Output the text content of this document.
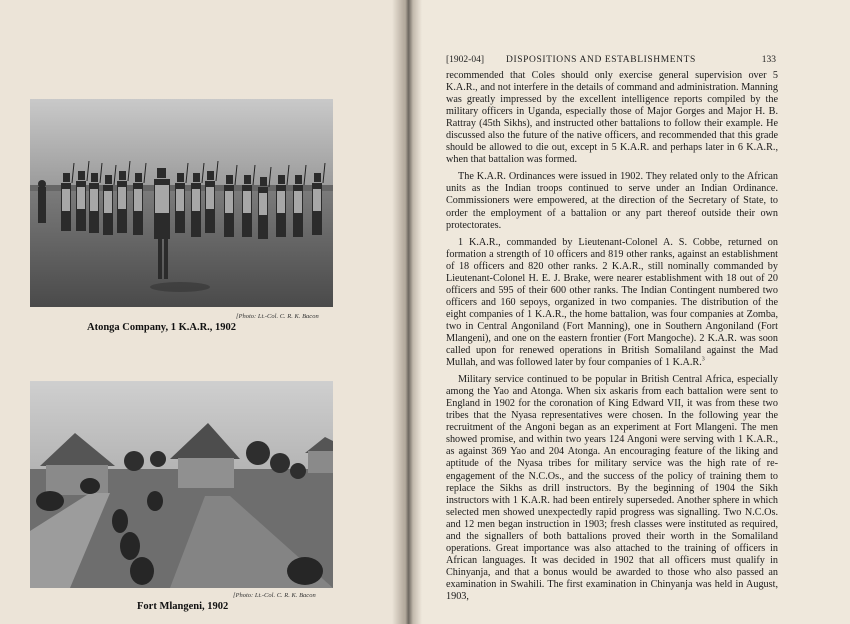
[Photo: Lt.-Col. C. R. K. Bacon
Atonga Company, 1 K.A.R., 1902
[Photo: Lt.-Col. C. R. K. Bacon
Fort Mlangeni, 1902
[1902-04] DISPOSITIONS AND ESTABLISHMENTS	133

recommended that Coles should only exercise general supervision over 5 K.A.R., and not interfere in the details of command and administration. Manning was greatly impressed by the excellent intelligence reports compiled by the military officers in Uganda, especially those of Major Gorges and Major H. B. Rattray (45th Sikhs), and instructed other battalions to follow their example. He discussed also the future of the native officers, and recommended that this grade should be allowed to die out, except in 5 K.A.R. and perhaps later in 6 K.A.R., when that battalion was formed.

The K.A.R. Ordinances were issued in 1902. They related only to the African units as the Indian troops continued to serve under an Indian Ordinance. Commissioners were empowered, at the direction of the Secretary of State, to order the employment of a battalion or any part thereof outside their own protectorates.

1 K.A.R., commanded by Lieutenant-Colonel A. S. Cobbe, returned on formation a strength of 10 officers and 819 other ranks, against an establishment of 18 officers and 820 other ranks. 2 K.A.R., still nominally commanded by Lieutenant-Colonel H. E. J. Brake, were nearer establishment with 18 out of 20 officers and 595 of their 600 other ranks. The Indian Contingent numbered two officers and 160 sepoys, organized in two companies. The distribution of the eight companies of 1 K.A.R., the home battalion, was four companies at Zomba, two in Central Angoniland (Fort Manning), one in Southern Angoniland (Fort Mlangeni), and one on the eastern frontier (Fort Mangoche). 2 K.A.R. was soon called upon for renewed operations in British Somaliland against the Mad Mullah, and was followed later by four companies of 1 K.A.R.$^3$

Military service continued to be popular in British Central Africa, especially among the Yao and Atonga. When six askaris from each battalion were sent to England in 1902 for the coronation of King Edward VII, it was from these two tribes that the Nyasa representatives were chosen. In the following year the recruitment of the Angoni began as an experiment at Fort Mlangeni. The men showed promise, and within two years 124 Angoni were serving with 1 K.A.R., as against 369 Yao and 204 Atonga. An encouraging feature of the liking and aptitude of the Nyasa tribes for military service was the high rate of re-engagement of the N.C.Os., and the success of the policy of training them to replace the Sikhs as drill instructors. By the beginning of 1904 the Sikh instructors with 1 K.A.R. had been entirely superseded. Another sphere in which selected men showed unexpectedly rapid progress was signalling. Two N.C.Os. and 12 men began instruction in 1903; fresh classes were instituted as required, and the signallers of both battalions proved their worth in the Somaliland operations. Great importance was also attached to the training of officers in African languages. It was decided in 1902 that all officers must qualify in Chinyanja, and that a bonus would be awarded to those who also passed an examination in Swahili. The first examination in Chinyanja was held in August, 1903,
